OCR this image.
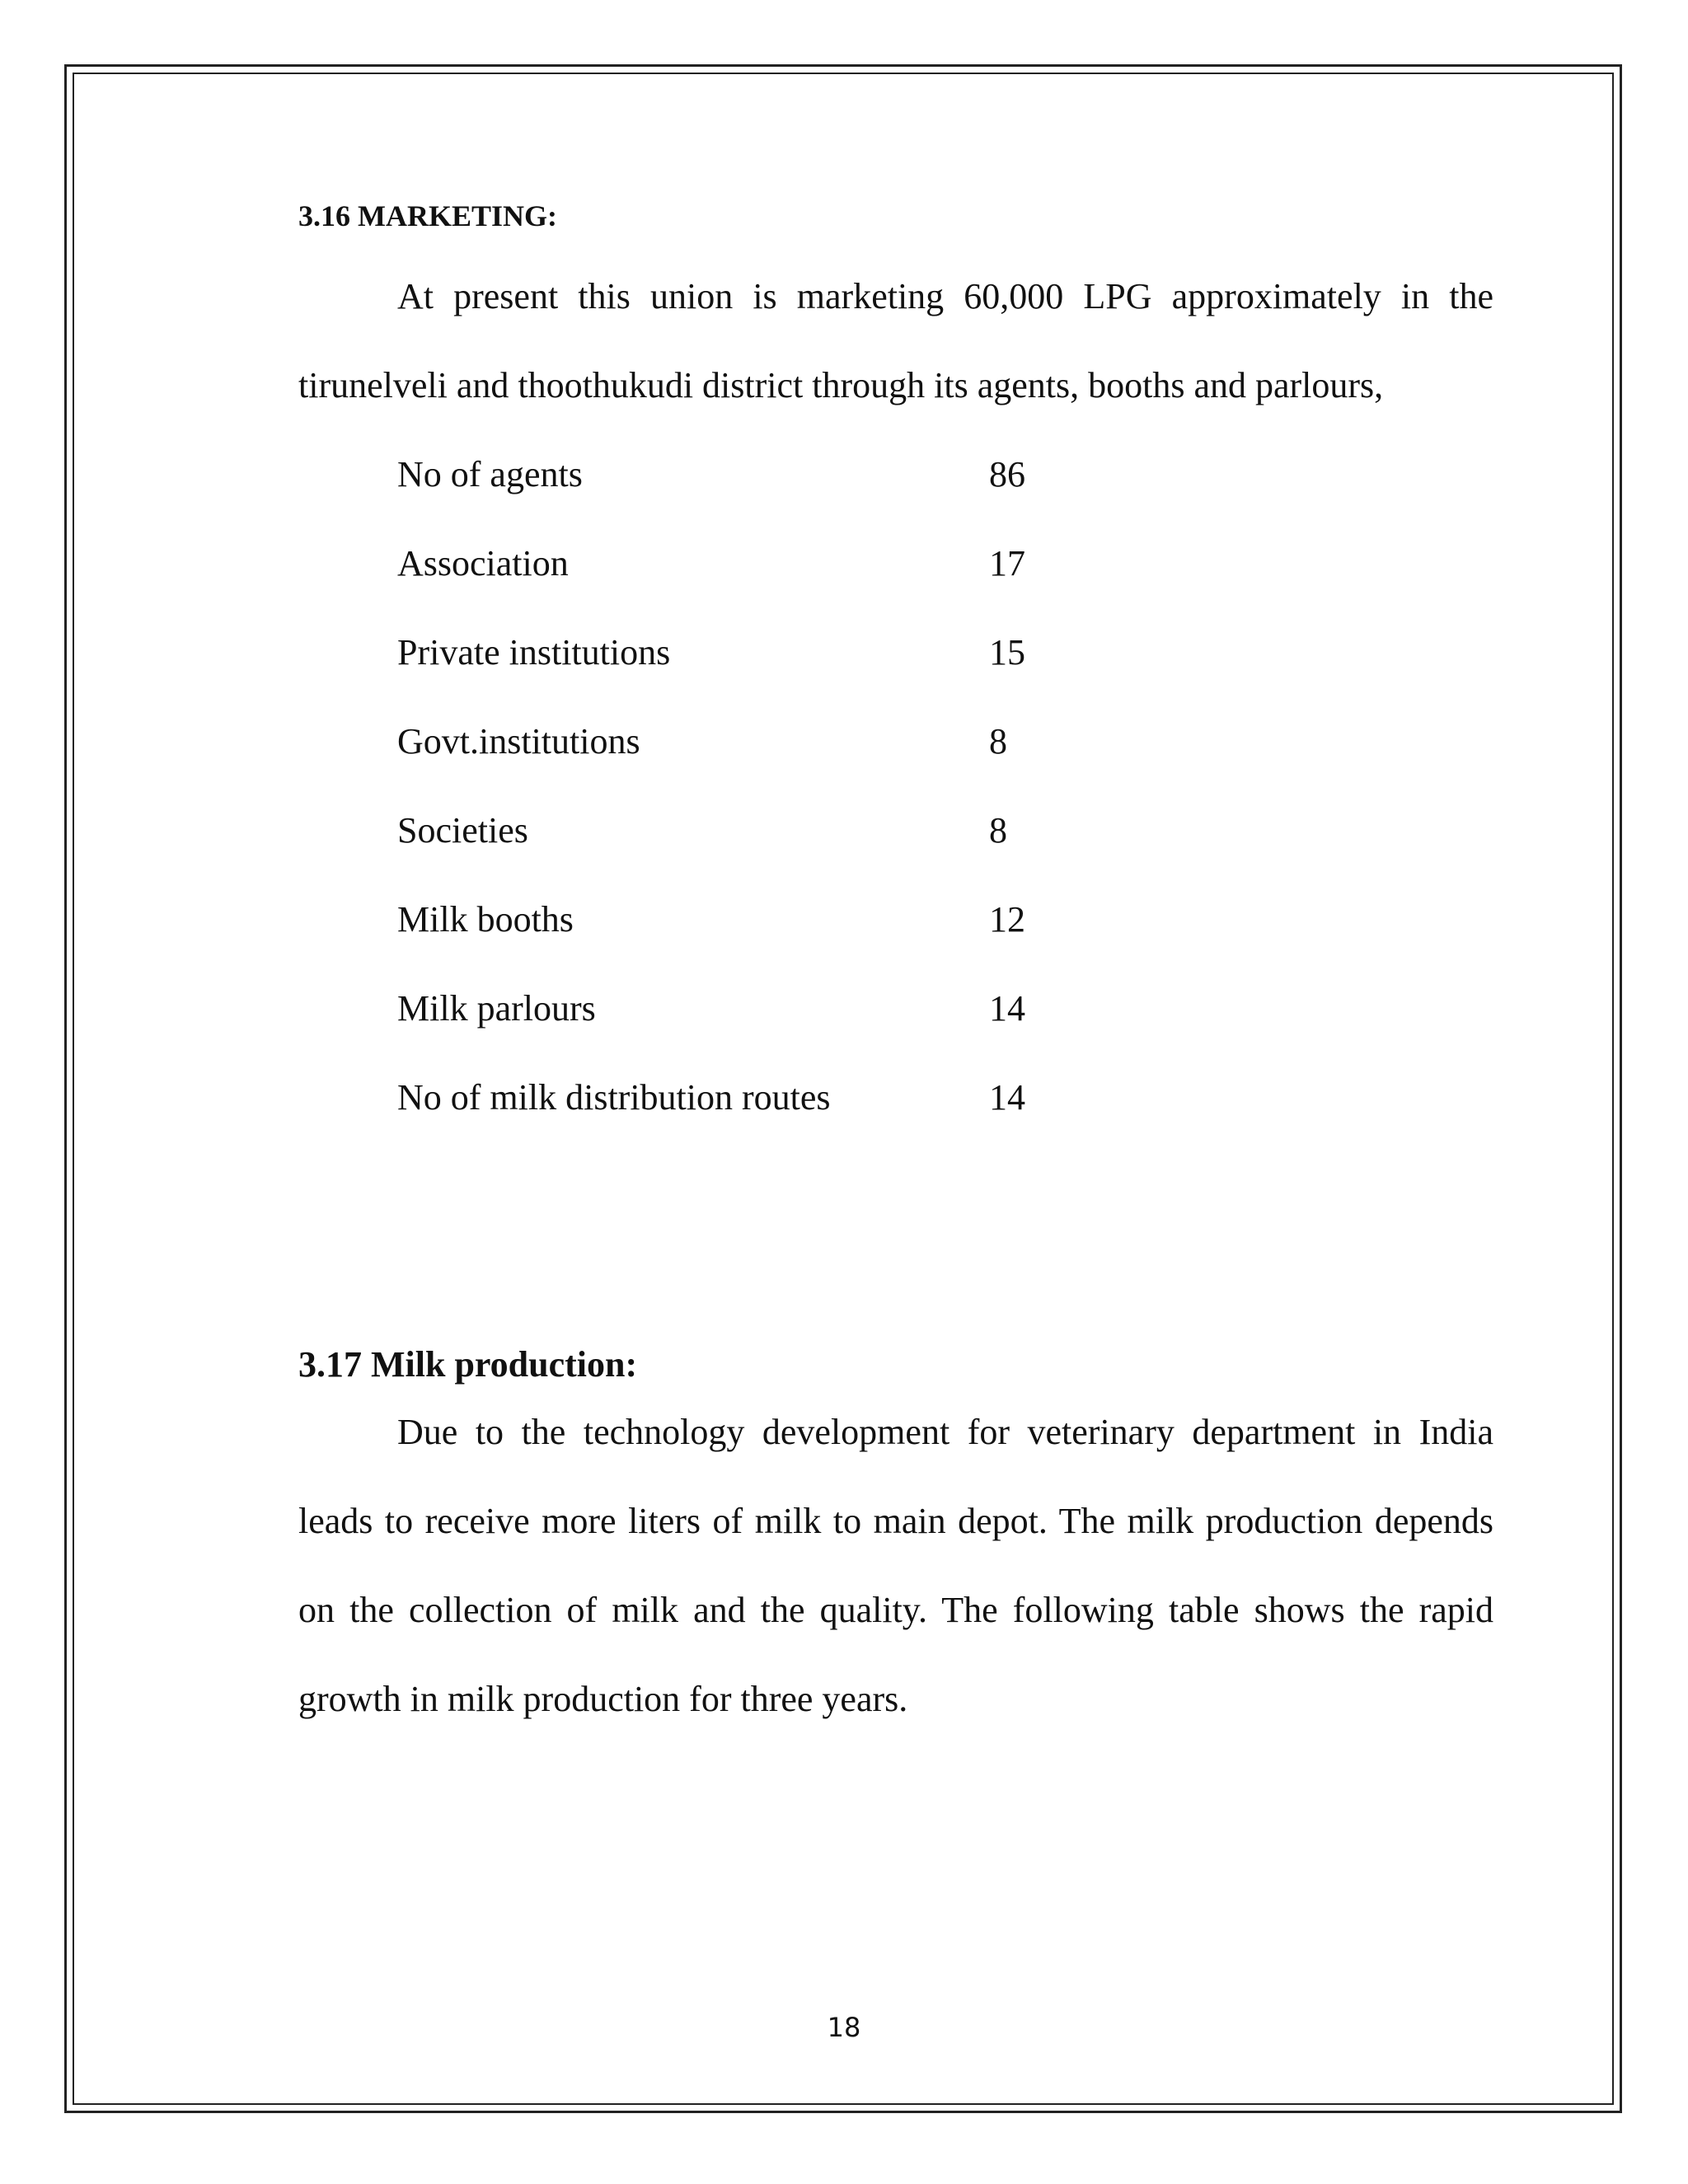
3.16 MARKETING:

At present this union is marketing 60,000 LPG approximately in the tirunelveli and thoothukudi district through its agents, booths and parlours,

No of agents	86
Association	17
Private institutions	15
Govt.institutions	8
Societies	8
Milk booths	12
Milk parlours	14
No of milk distribution routes	14
3.17 Milk production:

Due to the technology development for veterinary department in India leads to receive more liters of milk to main depot. The milk production depends on the collection of milk and the quality. The following table shows the rapid growth in milk production for three years.

18
